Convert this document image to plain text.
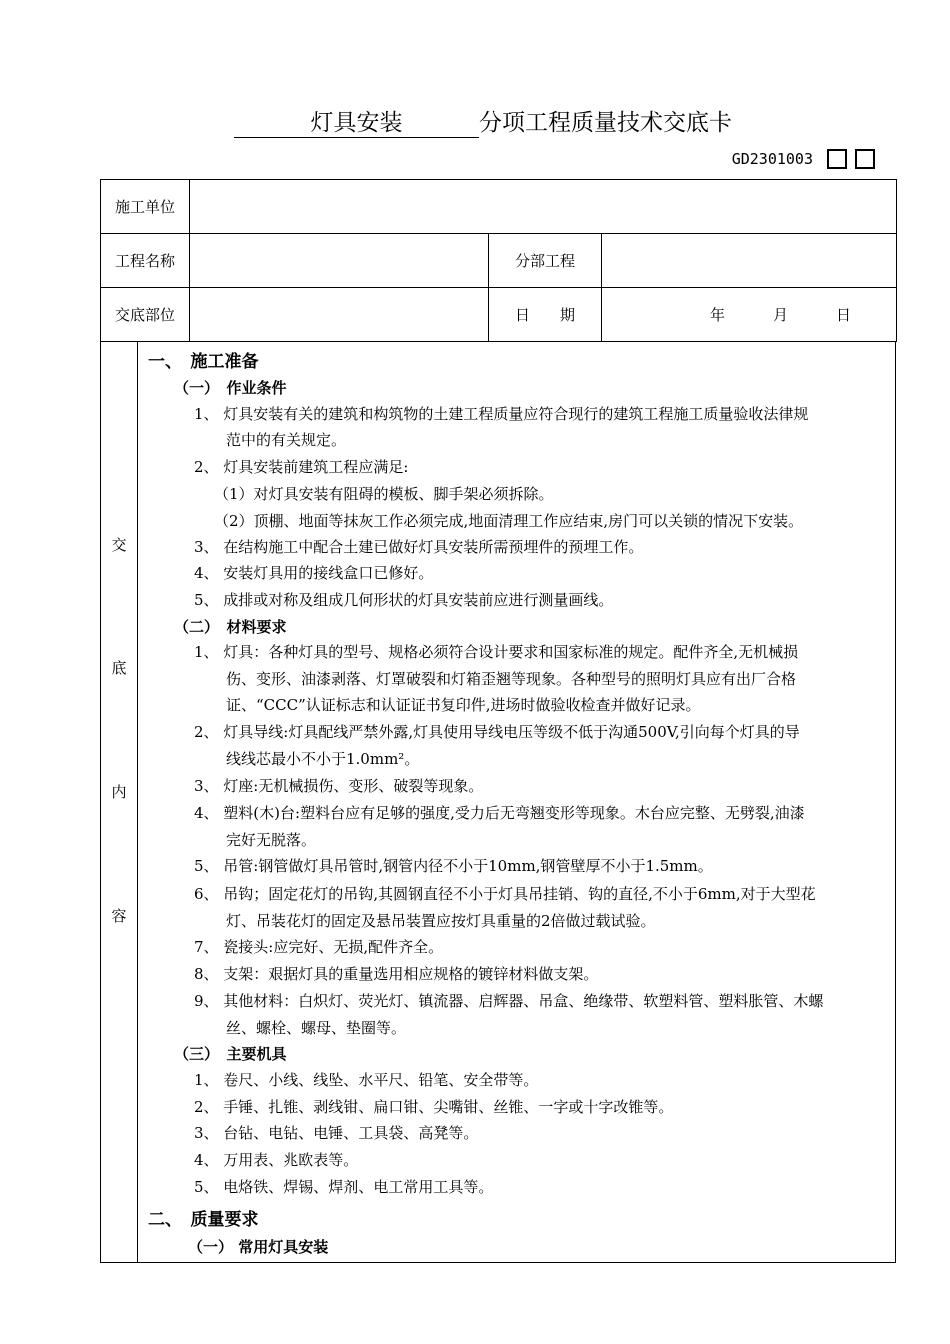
灯具安装	分项工程质量技术交底卡
GD2301003
施工单位			
工程名称		分部工程	
交底部位		日　　期	年 月 日
交
底
内
容
一、　施工准备
（一）　作业条件
1、 灯具安装有关的建筑和构筑物的土建工程质量应符合现行的建筑工程施工质量验收法律规
范中的有关规定。
2、 灯具安装前建筑工程应满足:
（1）对灯具安装有阻碍的模板、脚手架必须拆除。
（2）顶棚、地面等抹灰工作必须完成,地面清理工作应结束,房门可以关锁的情况下安装。
3、 在结构施工中配合土建已做好灯具安装所需预埋件的预埋工作。
4、 安装灯具用的接线盒口已修好。
5、 成排或对称及组成几何形状的灯具安装前应进行测量画线。
（二）　材料要求
1、 灯具：各种灯具的型号、规格必须符合设计要求和国家标准的规定。配件齐全,无机械损
伤、变形、油漆剥落、灯罩破裂和灯箱歪翘等现象。各种型号的照明灯具应有出厂合格
证、“CCC”认证标志和认证证书复印件,进场时做验收检查并做好记录。
2、 灯具导线:灯具配线严禁外露,灯具使用导线电压等级不低于沟通500V,引向每个灯具的导
线线芯最小不小于1.0mm²。
3、 灯座:无机械损伤、变形、破裂等现象。
4、 塑料(木)台:塑料台应有足够的强度,受力后无弯翘变形等现象。木台应完整、无劈裂,油漆
完好无脱落。
5、 吊管:钢管做灯具吊管时,钢管内径不小于10mm,钢管壁厚不小于1.5mm。
6、 吊钩；固定花灯的吊钩,其圆钢直径不小于灯具吊挂销、钩的直径,不小于6mm,对于大型花
灯、吊装花灯的固定及悬吊装置应按灯具重量的2倍做过载试验。
7、 瓷接头:应完好、无损,配件齐全。
8、 支架：艰据灯具的重量选用相应规格的镀锌材料做支架。
9、 其他材料：白炽灯、荧光灯、镇流器、启辉器、吊盒、绝缘带、软塑料管、塑料胀管、木螺
丝、螺栓、螺母、垫圈等。
（三）　主要机具
1、 卷尺、小线、线坠、水平尺、铅笔、安全带等。
2、 手锤、扎锥、剥线钳、扁口钳、尖嘴钳、丝锥、一字或十字改锥等。
3、 台钻、电钻、电锤、工具袋、高凳等。
4、 万用表、兆欧表等。
5、 电烙铁、焊锡、焊剂、电工常用工具等。
二、　质量要求
（一） 常用灯具安装
